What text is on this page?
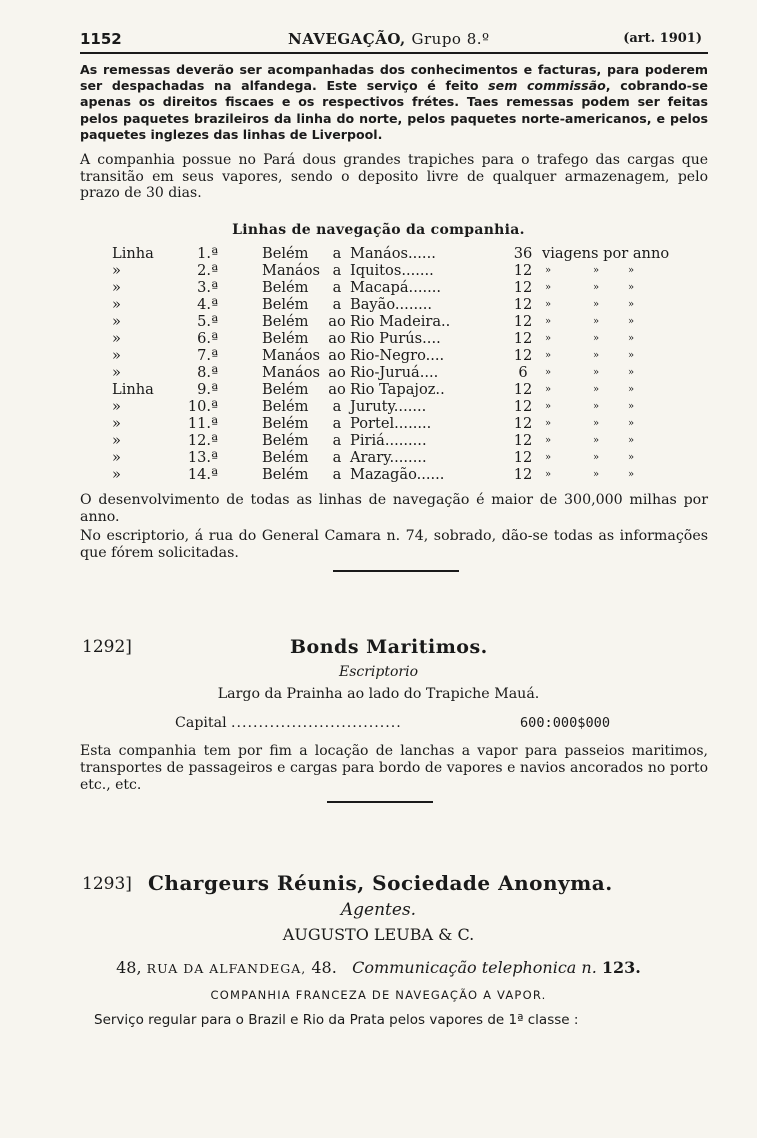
1152	NAVEGAÇÃO, Grupo 8.º	(art. 1901)
As remessas deverão ser acompanhadas dos conhecimentos e facturas, para poderem ser despachadas na alfandega. Este serviço é feito sem commissão, cobrando-se apenas os direitos fiscaes e os respectivos frétes. Taes remessas podem ser feitas pelos paquetes brazileiros da linha do norte, pelos paquetes norte-americanos, e pelos paquetes inglezes das linhas de Liverpool.
A companhia possue no Pará dous grandes trapiches para o trafego das cargas que transitão em seus vapores, sendo o deposito livre de qualquer armazenagem, pelo prazo de 30 dias.
Linhas de navegação da companhia.
Linha	1.ª	Belém	a Manáos......	36 viagens por anno
»	2.ª	Manáos a Iquitos.......	12	»	»	»
»	3.ª	Belém	a Macapá.......	12	»	»	»
»	4.ª	Belém	a Bayão........	12	»	»	»
»	5.ª	Belém	ao Rio Madeira..	12	»	»	»
»	6.ª	Belém	ao Rio Purús....	12	»	»	»
»	7.ª	Manáos ao Rio-Negro....	12	»	»	»
»	8.ª	Manáos ao Rio-Juruá....	6	»	»	»
Linha	9.ª	Belém	ao Rio Tapajoz..	12	»	»	»
»	10.ª	Belém	a Juruty.......	12	»	»	»
»	11.ª	Belém	a Portel........	12	»	»	»
»	12.ª	Belém	a Piriá.........	12	»	»	»
»	13.ª	Belém	a Arary........	12	»	»	»
»	14.ª	Belém	a Mazagão......	12	»	»	»
O desenvolvimento de todas as linhas de navegação é maior de 300,000 milhas por anno.
No escriptorio, á rua do General Camara n. 74, sobrado, dão-se todas as informações que fórem solicitadas.
1292]	Bonds Maritimos.
Escriptorio
Largo da Prainha ao lado do Trapiche Mauá.
Capital ...............................	600:000$000
Esta companhia tem por fim a locação de lanchas a vapor para passeios maritimos, transportes de passageiros e cargas para bordo de vapores e navios ancorados no porto etc., etc.
1293] Chargeurs Réunis, Sociedade Anonyma.
Agentes.
AUGUSTO LEUBA & C.
48, RUA DA ALFANDEGA, 48. Communicação telephonica n. 123.
COMPANHIA FRANCEZA DE NAVEGAÇÃO A VAPOR.
Serviço regular para o Brazil e Rio da Prata pelos vapores de 1ª classe :
